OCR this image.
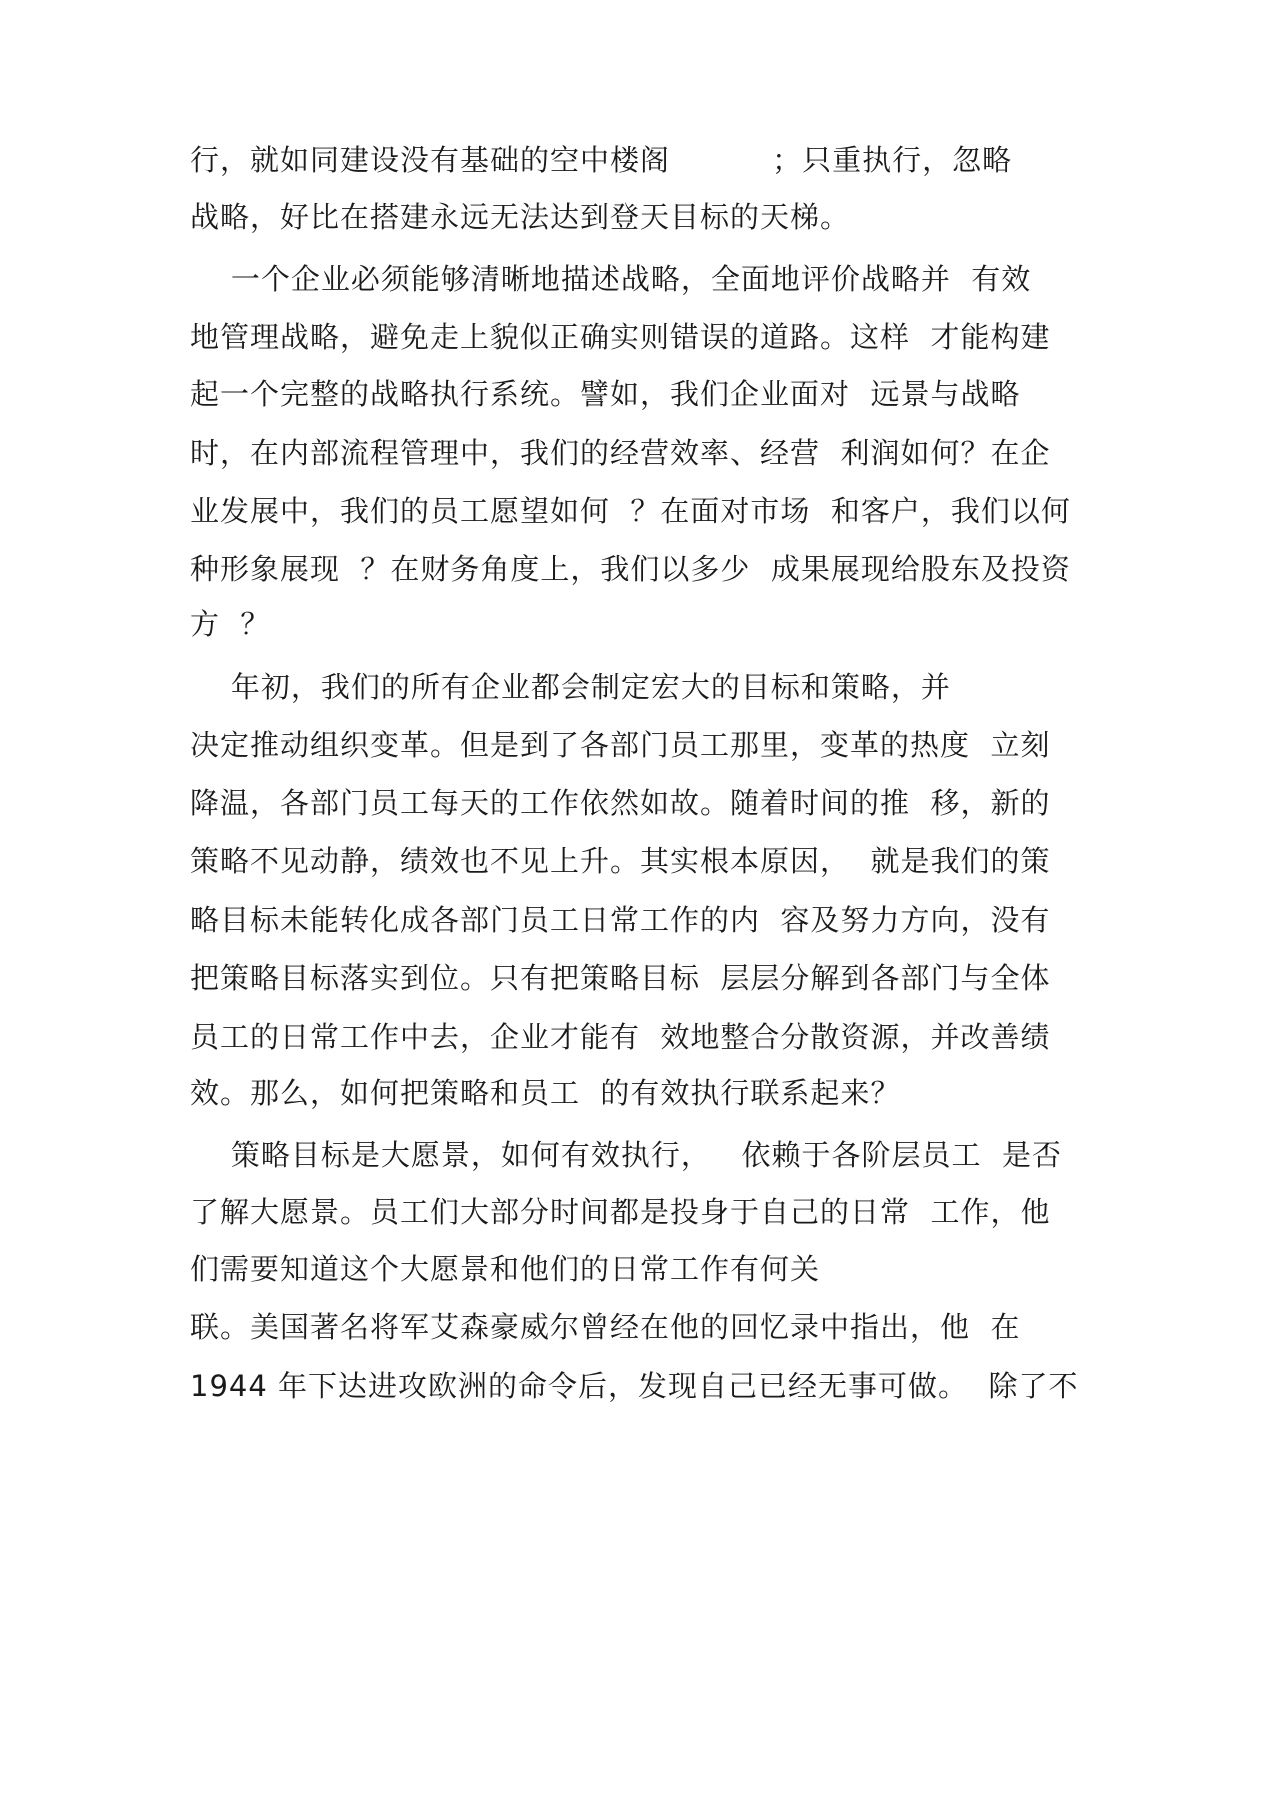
行，就如同建设没有基础的空中楼阁          ；只重执行，忽略

战略，好比在搭建永远无法达到登天目标的天梯。

一个企业必须能够清晰地描述战略，全面地评价战略并  有效

地管理战略，避免走上貌似正确实则错误的道路。这样  才能构建

起一个完整的战略执行系统。譬如，我们企业面对  远景与战略

时，在内部流程管理中，我们的经营效率、经营  利润如何？在企

业发展中，我们的员工愿望如何  ？在面对市场  和客户，我们以何

种形象展现  ？在财务角度上，我们以多少  成果展现给股东及投资

方  ？

年初，我们的所有企业都会制定宏大的目标和策略，并

决定推动组织变革。但是到了各部门员工那里，变革的热度  立刻

降温，各部门员工每天的工作依然如故。随着时间的推  移，新的

策略不见动静，绩效也不见上升。其实根本原因，  就是我们的策

略目标未能转化成各部门员工日常工作的内  容及努力方向，没有

把策略目标落实到位。只有把策略目标  层层分解到各部门与全体

员工的日常工作中去，企业才能有  效地整合分散资源，并改善绩

效。那么，如何把策略和员工  的有效执行联系起来？

策略目标是大愿景，如何有效执行，   依赖于各阶层员工  是否

了解大愿景。员工们大部分时间都是投身于自己的日常  工作，他

们需要知道这个大愿景和他们的日常工作有何关

联。美国著名将军艾森豪威尔曾经在他的回忆录中指出，他  在

1944 年下达进攻欧洲的命令后，发现自己已经无事可做。  除了不
